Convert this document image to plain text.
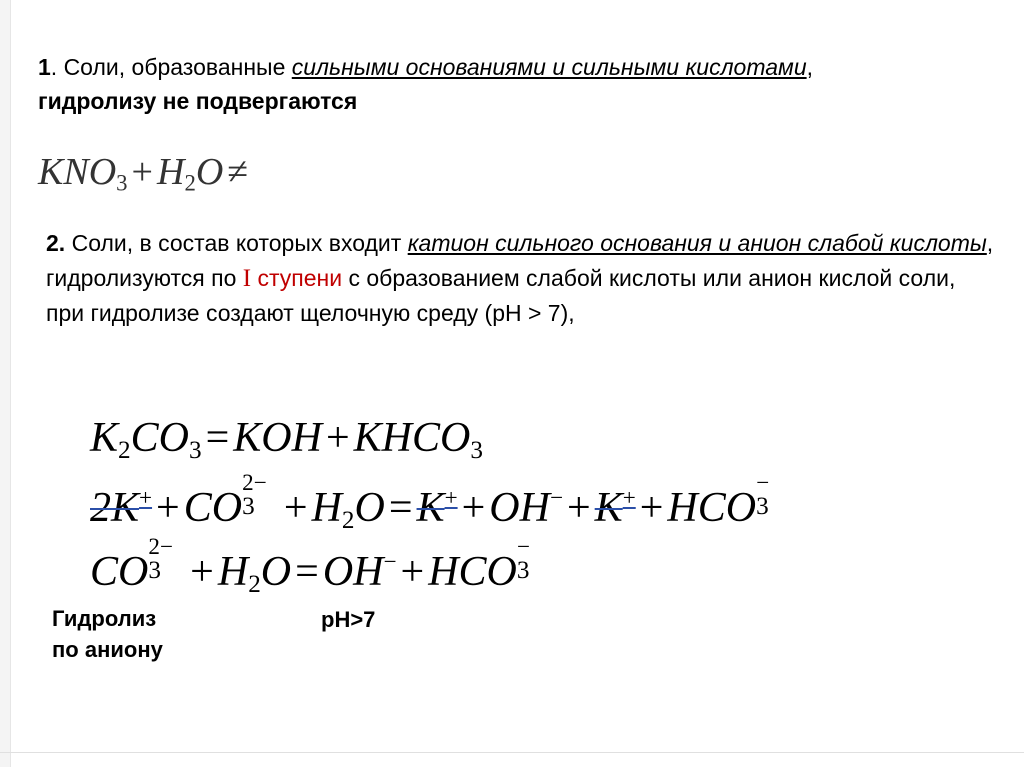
1. Соли, образованные сильными основаниями и сильными кислотами, гидролизу не подвергаются
$KNO_3 + H_2O$ ≠
2. Соли, в состав которых входит катион сильного основания и анион слабой кислоты, гидролизуются по I ступени с образованием слабой кислоты или анион кислой соли, при гидролизе создают щелочную среду (pH > 7),
$K_2CO_3=KOH+KHCO_3$
2K++CO
2−
$3 +H_2O=K^++OH^-+K^++HCO$
−
3
CO
2−
$3 +H_2O=OH^-+HCO$
−
3
Гидролиз
по аниону
pH>7
